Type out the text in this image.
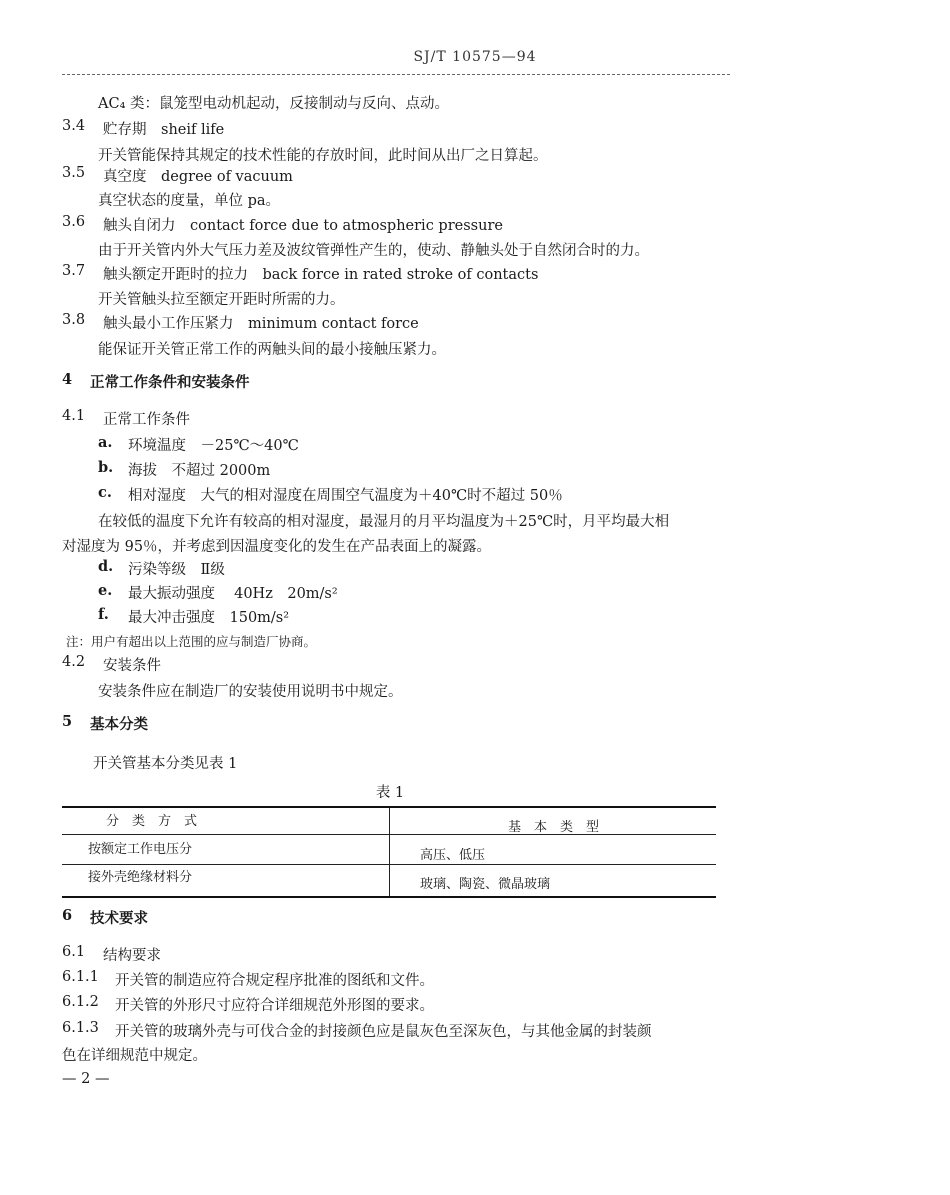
SJ/T 10575—94
AC₄ 类：鼠笼型电动机起动，反接制动与反向、点动。
3.4 贮存期　sheif life
开关管能保持其规定的技术性能的存放时间，此时间从出厂之日算起。
3.5 真空度　degree of vacuum
真空状态的度量，单位 pa。
3.6 触头自闭力　contact force due to atmospheric pressure
由于开关管内外大气压力差及波纹管弹性产生的，使动、静触头处于自然闭合时的力。
3.7 触头额定开距时的拉力　back force in rated stroke of contacts
开关管触头拉至额定开距时所需的力。
3.8 触头最小工作压紧力　minimum contact force
能保证开关管正常工作的两触头间的最小接触压紧力。
4 正常工作条件和安装条件
4.1 正常工作条件
a. 环境温度　－25℃～40℃
b. 海拔　不超过 2000m
c. 相对湿度　大气的相对湿度在周围空气温度为＋40℃时不超过 50％
在较低的温度下允许有较高的相对湿度，最湿月的月平均温度为＋25℃时，月平均最大相
对湿度为 95％，并考虑到因温度变化的发生在产品表面上的凝露。
d. 污染等级　Ⅱ级
e. 最大振动强度　 40Hz　20m/s²
f. 最大冲击强度　150m/s²
注：用户有超出以上范围的应与制造厂协商。
4.2 安装条件
安装条件应在制造厂的安装使用说明书中规定。
5 基本分类
开关管基本分类见表 1
表 1
分　类　方　式	基　本　类　型
按额定工作电压分	高压、低压
接外壳绝缘材料分	玻璃、陶瓷、微晶玻璃
6 技术要求
6.1 结构要求
6.1.1 开关管的制造应符合规定程序批准的图纸和文件。
6.1.2 开关管的外形尺寸应符合详细规范外形图的要求。
6.1.3 开关管的玻璃外壳与可伐合金的封接颜色应是鼠灰色至深灰色，与其他金属的封装颜
色在详细规范中规定。
— 2 —
